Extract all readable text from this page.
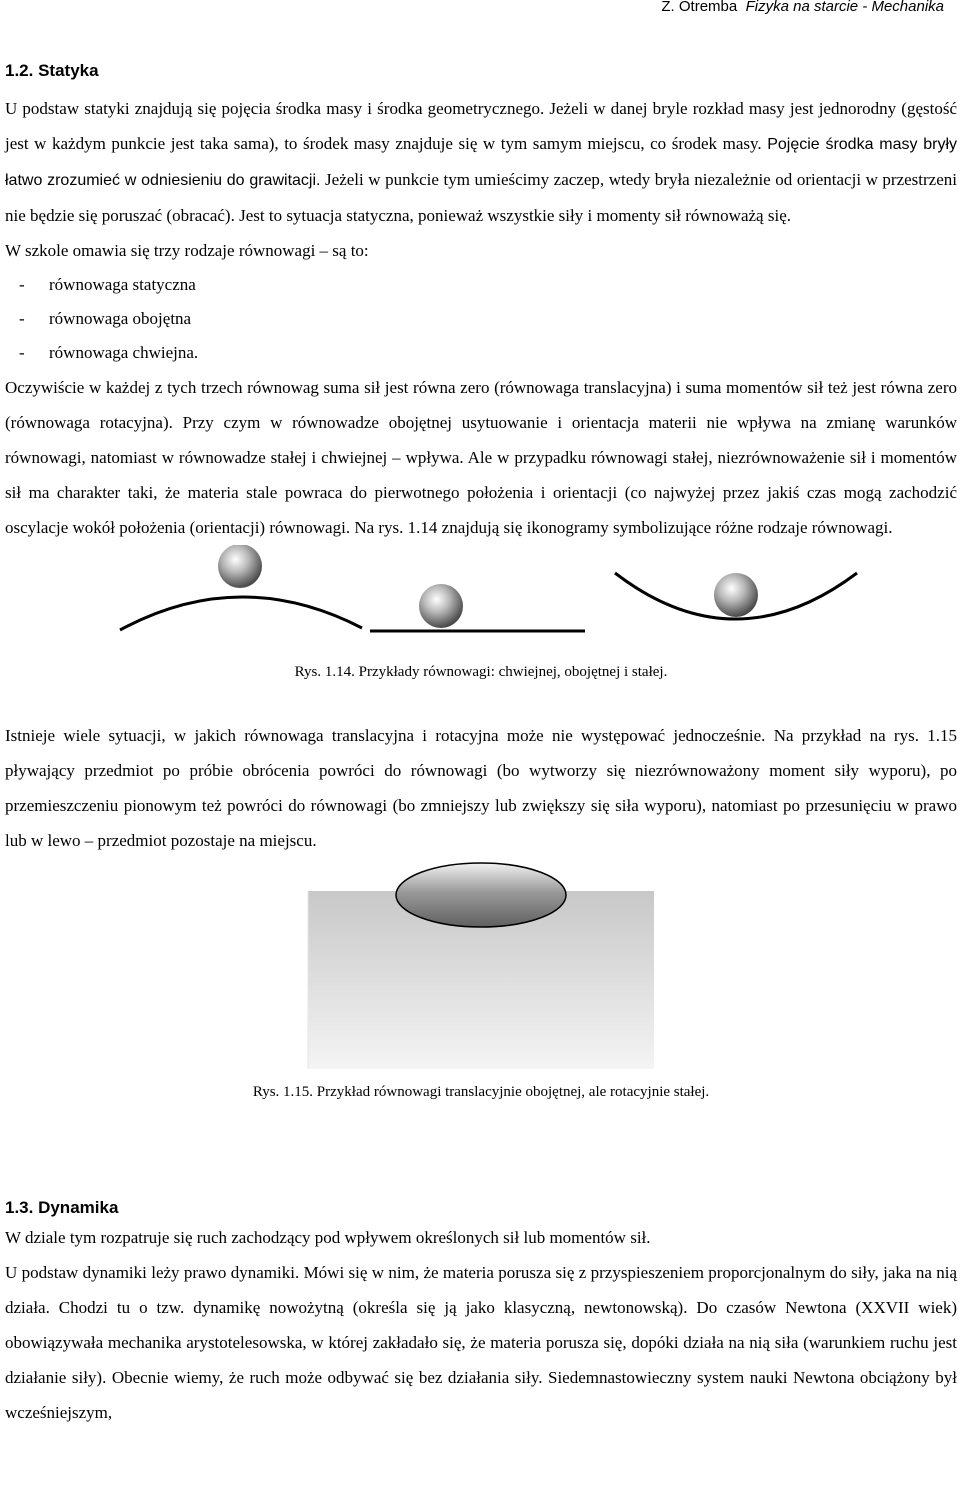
Z. Otremba Fizyka na starcie - Mechanika
1.2. Statyka

U podstaw statyki znajdują się pojęcia środka masy i środka geometrycznego. Jeżeli w danej bryle rozkład masy jest jednorodny (gęstość jest w każdym punkcie jest taka sama), to środek masy znajduje się w tym samym miejscu, co środek masy. Pojęcie środka masy bryły łatwo zrozumieć w odniesieniu do grawitacji. Jeżeli w punkcie tym umieścimy zaczep, wtedy bryła niezależnie od orientacji w przestrzeni nie będzie się poruszać (obracać). Jest to sytuacja statyczna, ponieważ wszystkie siły i momenty sił równoważą się.

W szkole omawia się trzy rodzaje równowagi – są to:

- równowaga statyczna
- równowaga obojętna
- równowaga chwiejna.

Oczywiście w każdej z tych trzech równowag suma sił jest równa zero (równowaga translacyjna) i suma momentów sił też jest równa zero (równowaga rotacyjna). Przy czym w równowadze obojętnej usytuowanie i orientacja materii nie wpływa na zmianę warunków równowagi, natomiast w równowadze stałej i chwiejnej – wpływa. Ale w przypadku równowagi stałej, niezrównoważenie sił i momentów sił ma charakter taki, że materia stale powraca do pierwotnego położenia i orientacji (co najwyżej przez jakiś czas mogą zachodzić oscylacje wokół położenia (orientacji) równowagi. Na rys. 1.14 znajdują się ikonogramy symbolizujące różne rodzaje równowagi.

Rys. 1.14. Przykłady równowagi: chwiejnej, obojętnej i stałej.

Istnieje wiele sytuacji, w jakich równowaga translacyjna i rotacyjna może nie występować jednocześnie. Na przykład na rys. 1.15 pływający przedmiot po próbie obrócenia powróci do równowagi (bo wytworzy się niezrównoważony moment siły wyporu), po przemieszczeniu pionowym też powróci do równowagi (bo zmniejszy lub zwiększy się siła wyporu), natomiast po przesunięciu w prawo lub w lewo – przedmiot pozostaje na miejscu.

Rys. 1.15. Przykład równowagi translacyjnie obojętnej, ale rotacyjnie stałej.
1.3. Dynamika

W dziale tym rozpatruje się ruch zachodzący pod wpływem określonych sił lub momentów sił.

U podstaw dynamiki leży prawo dynamiki. Mówi się w nim, że materia porusza się z przyspieszeniem proporcjonalnym do siły, jaka na nią działa. Chodzi tu o tzw. dynamikę nowożytną (określa się ją jako klasyczną, newtonowską). Do czasów Newtona (XXVII wiek) obowiązywała mechanika arystotelesowska, w której zakładało się, że materia porusza się, dopóki działa na nią siła (warunkiem ruchu jest działanie siły). Obecnie wiemy, że ruch może odbywać się bez działania siły. Siedemnastowieczny system nauki Newtona obciążony był wcześniejszym,
